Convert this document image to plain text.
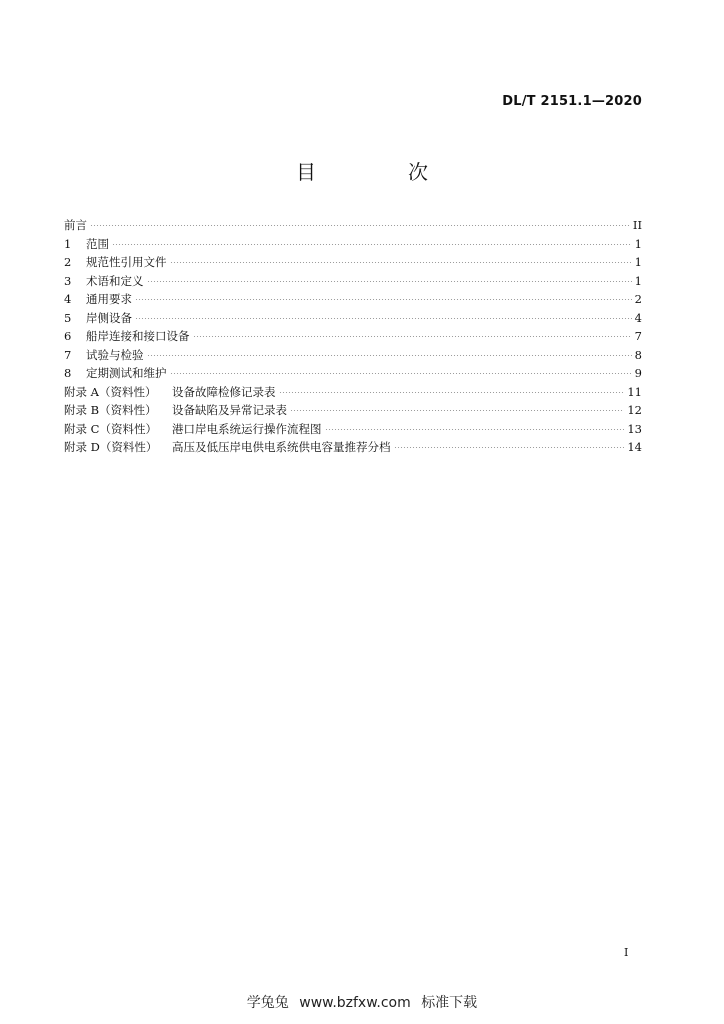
DL/T 2151.1—2020
目　次
前言	II
1	范围	1
2	规范性引用文件	1
3	术语和定义	1
4	通用要求	2
5	岸侧设备	4
6	船岸连接和接口设备	7
7	试验与检验	8
8	定期测试和维护	9
附录 A（资料性）	设备故障检修记录表	11
附录 B（资料性）	设备缺陷及异常记录表	12
附录 C（资料性）	港口岸电系统运行操作流程图	13
附录 D（资料性）	高压及低压岸电供电系统供电容量推荐分档	14
I
学兔兔 www.bzfxw.com 标准下载
